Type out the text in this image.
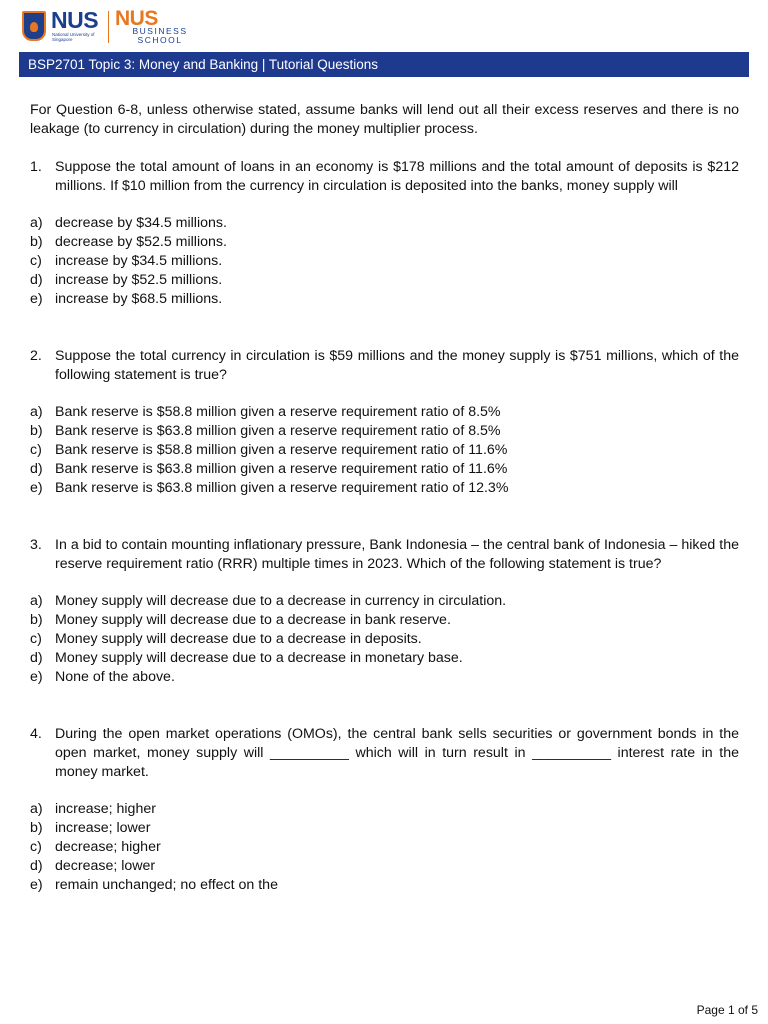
NUS
National University of Singapore
NUS
BUSINESS
SCHOOL
BSP2701 Topic 3: Money and Banking | Tutorial Questions

For Question 6-8, unless otherwise stated, assume banks will lend out all their excess reserves and there is no leakage (to currency in circulation) during the money multiplier process.

1. Suppose the total amount of loans in an economy is $178 millions and the total amount of deposits is $212 millions. If $10 million from the currency in circulation is deposited into the banks, money supply will
a) decrease by $34.5 millions.
b) decrease by $52.5 millions.
c) increase by $34.5 millions.
d) increase by $52.5 millions.
e) increase by $68.5 millions.
2. Suppose the total currency in circulation is $59 millions and the money supply is $751 millions, which of the following statement is true?
a) Bank reserve is $58.8 million given a reserve requirement ratio of 8.5%
b) Bank reserve is $63.8 million given a reserve requirement ratio of 8.5%
c) Bank reserve is $58.8 million given a reserve requirement ratio of 11.6%
d) Bank reserve is $63.8 million given a reserve requirement ratio of 11.6%
e) Bank reserve is $63.8 million given a reserve requirement ratio of 12.3%
3. In a bid to contain mounting inflationary pressure, Bank Indonesia – the central bank of Indonesia – hiked the reserve requirement ratio (RRR) multiple times in 2023. Which of the following statement is true?
a) Money supply will decrease due to a decrease in currency in circulation.
b) Money supply will decrease due to a decrease in bank reserve.
c) Money supply will decrease due to a decrease in deposits.
d) Money supply will decrease due to a decrease in monetary base.
e) None of the above.
4. During the open market operations (OMOs), the central bank sells securities or government bonds in the open market, money supply will __________ which will in turn result in __________ interest rate in the money market.
a) increase; higher
b) increase; lower
c) decrease; higher
d) decrease; lower
e) remain unchanged; no effect on the
Page 1 of 5
